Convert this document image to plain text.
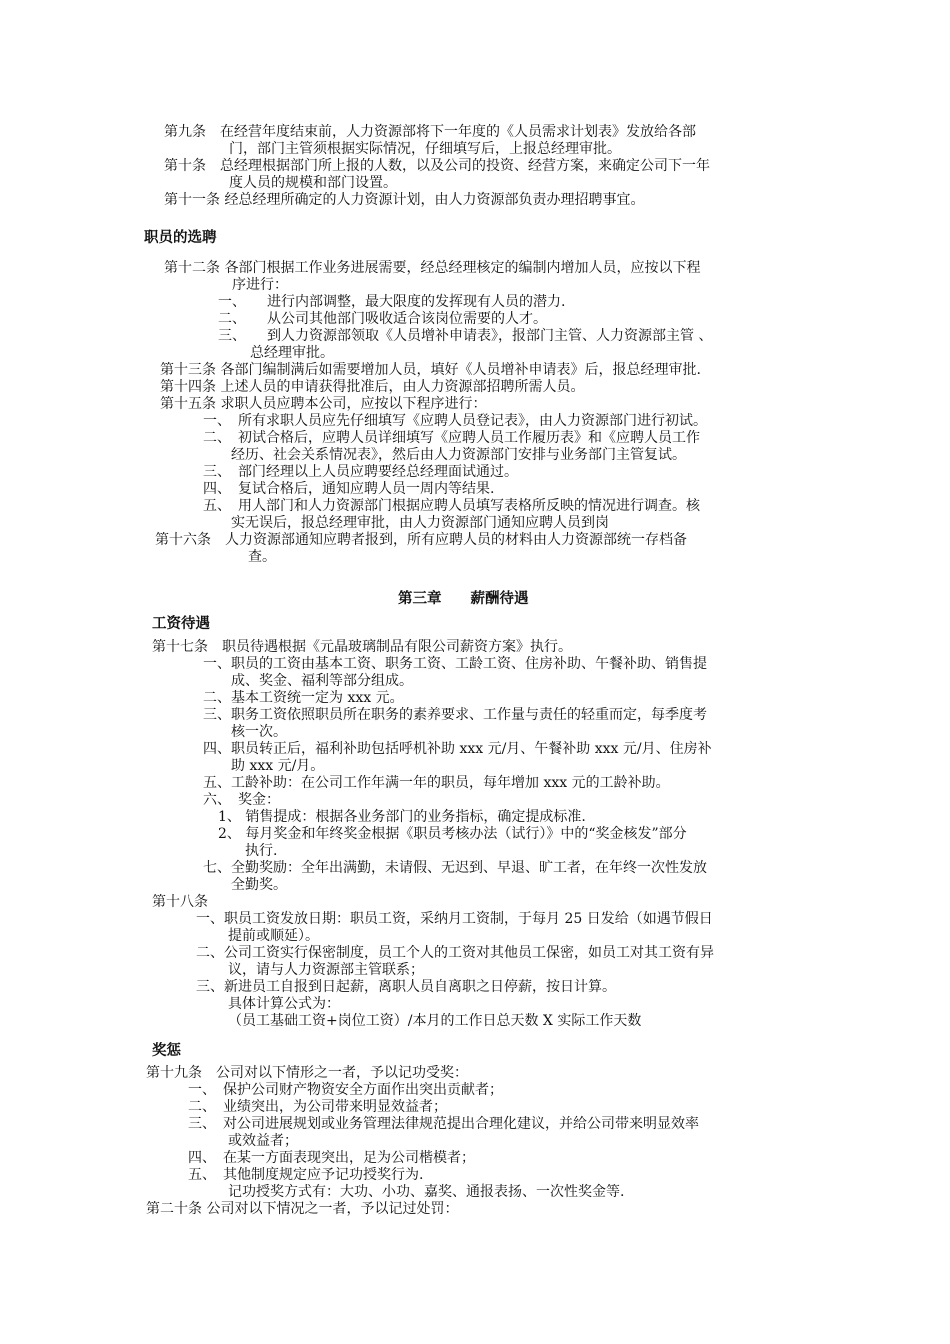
第九条　在经营年度结束前，人力资源部将下一年度的《人员需求计划表》发放给各部
门，部门主管须根据实际情况，仔细填写后，上报总经理审批。
第十条　总经理根据部门所上报的人数，以及公司的投资、经营方案，来确定公司下一年
度人员的规模和部门设置。
第十一条 经总经理所确定的人力资源计划，由人力资源部负责办理招聘事宜。
职员的选聘
第十二条 各部门根据工作业务进展需要，经总经理核定的编制内增加人员，应按以下程
序进行：
一、　　进行内部调整，最大限度的发挥现有人员的潜力.
二、　　从公司其他部门吸收适合该岗位需要的人才。
三、　　到人力资源部领取《人员增补申请表》，报部门主管、人力资源部主管 、
总经理审批。
第十三条 各部门编制满后如需要增加人员，填好《人员增补申请表》后，报总经理审批.
第十四条 上述人员的申请获得批准后，由人力资源部招聘所需人员。
第十五条 求职人员应聘本公司，应按以下程序进行：
一、　所有求职人员应先仔细填写《应聘人员登记表》，由人力资源部门进行初试。
二、　初试合格后，应聘人员详细填写《应聘人员工作履历表》和《应聘人员工作
经历、社会关系情况表》，然后由人力资源部门安排与业务部门主管复试。
三、　部门经理以上人员应聘要经总经理面试通过。
四、　复试合格后，通知应聘人员一周内等结果.
五、　用人部门和人力资源部门根据应聘人员填写表格所反映的情况进行调查。核
实无误后，报总经理审批，由人力资源部门通知应聘人员到岗
第十六条　人力资源部通知应聘者报到，所有应聘人员的材料由人力资源部统一存档备
查。
第三章　　薪酬待遇
工资待遇
第十七条　职员待遇根据《元晶玻璃制品有限公司薪资方案》执行。
一、职员的工资由基本工资、职务工资、工龄工资、住房补助、午餐补助、销售提
成、奖金、福利等部分组成。
二、基本工资统一定为 xxx 元。
三、职务工资依照职员所在职务的素养要求、工作量与责任的轻重而定，每季度考
核一次。
四、职员转正后，福利补助包括呼机补助 xxx 元/月、午餐补助 xxx 元/月、住房补
助 xxx 元/月。
五、工龄补助：在公司工作年满一年的职员，每年增加 xxx 元的工龄补助。
六、　奖金：
1、 销售提成：根据各业务部门的业务指标，确定提成标准.
2、 每月奖金和年终奖金根据《职员考核办法（试行）》中的“奖金核发”部分
执行.
七、全勤奖励：全年出满勤，未请假、无迟到、早退、旷工者，在年终一次性发放
全勤奖。
第十八条
一、职员工资发放日期：职员工资，采纳月工资制，于每月 25 日发给（如遇节假日
提前或顺延）。
二、公司工资实行保密制度，员工个人的工资对其他员工保密，如员工对其工资有异
议，请与人力资源部主管联系；
三、新进员工自报到日起薪，离职人员自离职之日停薪，按日计算。
具体计算公式为：
（员工基础工资+岗位工资）/本月的工作日总天数 X 实际工作天数
奖惩
第十九条　公司对以下情形之一者，予以记功受奖：
一、　保护公司财产物资安全方面作出突出贡献者；
二、　业绩突出，为公司带来明显效益者；
三、　对公司进展规划或业务管理法律规范提出合理化建议，并给公司带来明显效率
或效益者；
四、　在某一方面表现突出，足为公司楷模者；
五、　其他制度规定应予记功授奖行为.
记功授奖方式有：大功、小功、嘉奖、通报表扬、一次性奖金等.
第二十条 公司对以下情况之一者，予以记过处罚：
